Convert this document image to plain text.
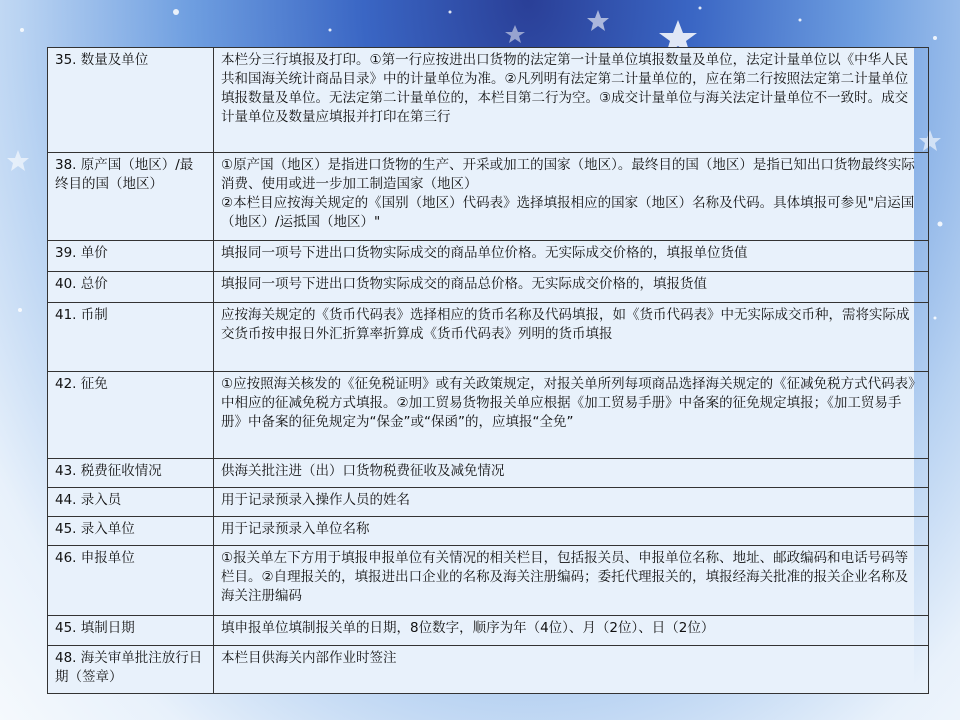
35. 数量及单位	本栏分三行填报及打印。①第一行应按进出口货物的法定第一计量单位填报数量及单位，法定计量单位以《中华人民共和国海关统计商品目录》中的计量单位为准。②凡列明有法定第二计量单位的，应在第二行按照法定第二计量单位填报数量及单位。无法定第二计量单位的，本栏目第二行为空。③成交计量单位与海关法定计量单位不一致时。成交计量单位及数量应填报并打印在第三行
38. 原产国（地区）/最终目的国（地区）	①原产国（地区）是指进口货物的生产、开采或加工的国家（地区）。最终目的国（地区）是指已知出口货物最终实际消费、使用或进一步加工制造国家（地区）
②本栏目应按海关规定的《国别（地区）代码表》选择填报相应的国家（地区）名称及代码。具体填报可参见"启运国（地区）/运抵国（地区）"
39. 单价	填报同一项号下进出口货物实际成交的商品单位价格。无实际成交价格的，填报单位货值
40. 总价	填报同一项号下进出口货物实际成交的商品总价格。无实际成交价格的，填报货值
41. 币制	应按海关规定的《货币代码表》选择相应的货币名称及代码填报，如《货币代码表》中无实际成交币种，需将实际成交货币按申报日外汇折算率折算成《货币代码表》列明的货币填报
42. 征免	①应按照海关核发的《征免税证明》或有关政策规定，对报关单所列每项商品选择海关规定的《征减免税方式代码表》中相应的征减免税方式填报。②加工贸易货物报关单应根据《加工贸易手册》中备案的征免规定填报；《加工贸易手册》中备案的征免规定为“保金”或“保函”的，应填报“全免”
43. 税费征收情况	供海关批注进（出）口货物税费征收及减免情况
44. 录入员	用于记录预录入操作人员的姓名
45. 录入单位	用于记录预录入单位名称
46. 申报单位	①报关单左下方用于填报申报单位有关情况的相关栏目，包括报关员、申报单位名称、地址、邮政编码和电话号码等栏目。②自理报关的，填报进出口企业的名称及海关注册编码；委托代理报关的，填报经海关批准的报关企业名称及海关注册编码
45. 填制日期	填申报单位填制报关单的日期，8位数字，顺序为年（4位）、月（2位）、日（2位）
48. 海关审单批注放行日期（签章）	本栏目供海关内部作业时签注
